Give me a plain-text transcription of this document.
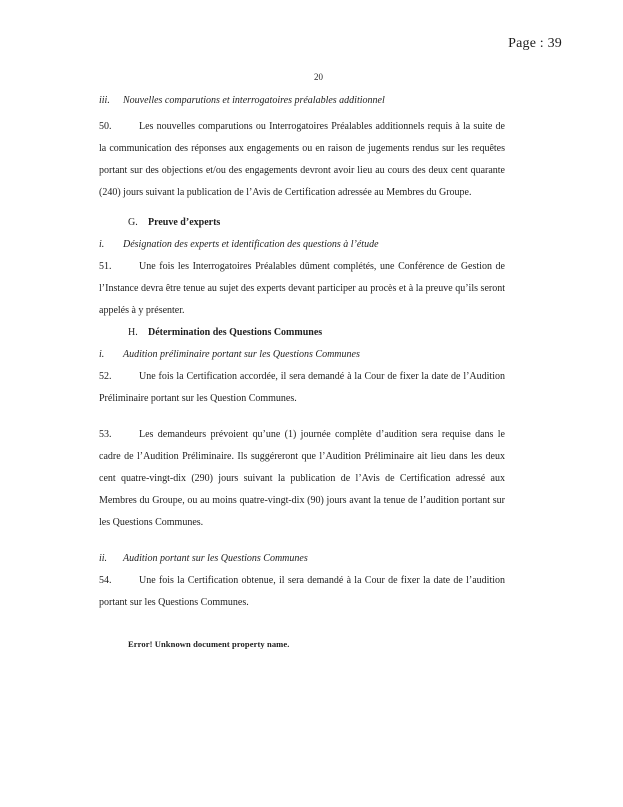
Page : 39
20
iii. Nouvelles comparutions et interrogatoires préalables additionnel

50.	Les nouvelles comparutions ou Interrogatoires Préalables additionnels requis à la suite de la communication des réponses aux engagements ou en raison de jugements rendus sur les requêtes portant sur des objections et/ou des engagements devront avoir lieu au cours des deux cent quarante (240) jours suivant la publication de l’Avis de Certification adressée au Membres du Groupe.

G. Preuve d’experts
i. Désignation des experts et identification des questions à l’étude

51.	Une fois les Interrogatoires Préalables dûment complétés, une Conférence de Gestion de l’Instance devra être tenue au sujet des experts devant participer au procès et à la preuve qu’ils seront appelés à y présenter.

H. Détermination des Questions Communes
i. Audition préliminaire portant sur les Questions Communes

52.	Une fois la Certification accordée, il sera demandé à la Cour de fixer la date de l’Audition Préliminaire portant sur les Question Communes.

53.	Les demandeurs prévoient qu’une (1) journée complète d’audition sera requise dans le cadre de l’Audition Préliminaire. Ils suggéreront que l’Audition Préliminaire ait lieu dans les deux cent quatre-vingt-dix (290) jours suivant la publication de l’Avis de Certification adressé aux Membres du Groupe, ou au moins quatre-vingt-dix (90) jours avant la tenue de l’audition portant sur les Questions Communes.

ii. Audition portant sur les Questions Communes

54.	Une fois la Certification obtenue, il sera demandé à la Cour de fixer la date de l’audition portant sur les Questions Communes.

Error! Unknown document property name.
